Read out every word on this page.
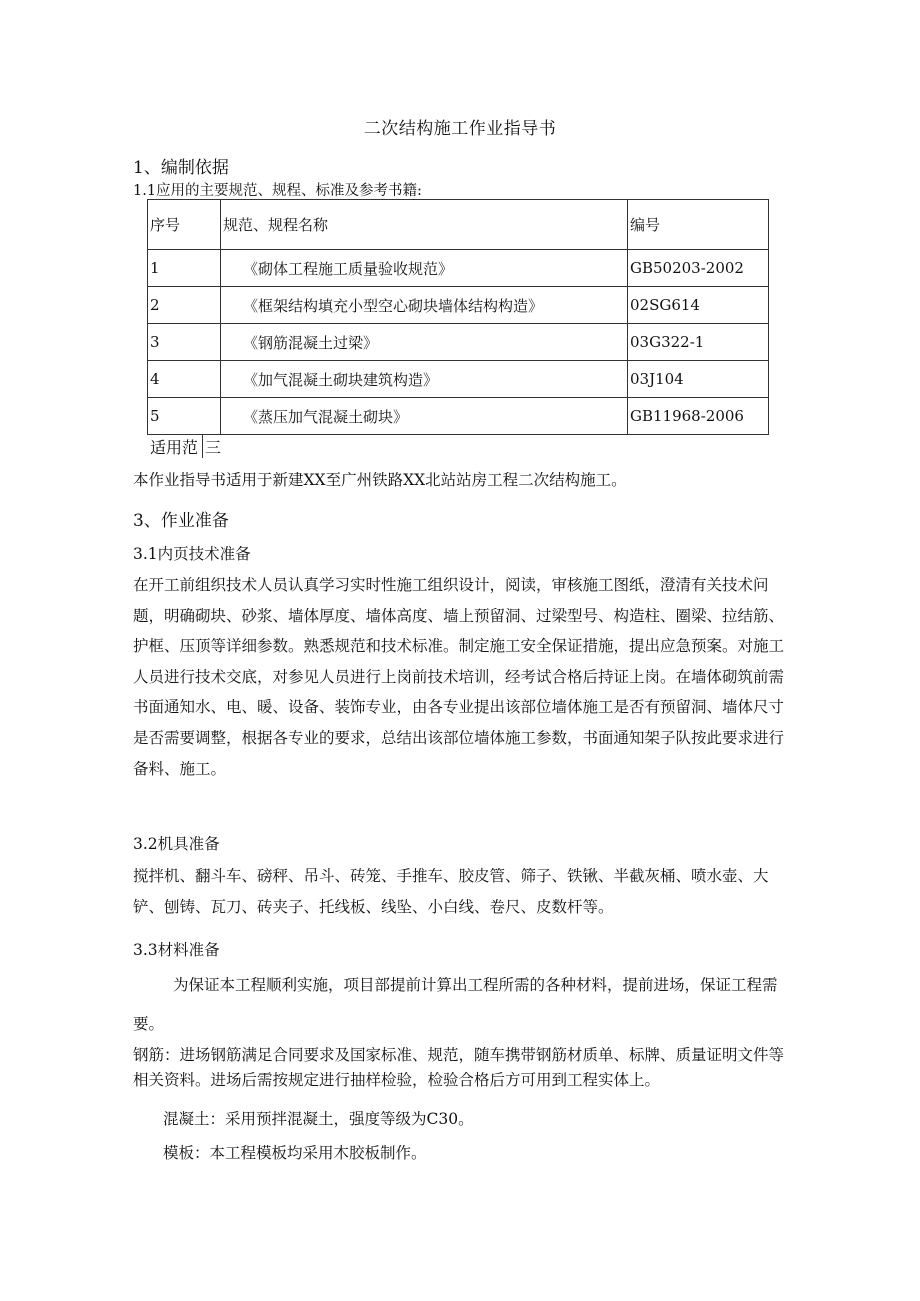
二次结构施工作业指导书
1、编制依据
1.1应用的主要规范、规程、标准及参考书籍:
序号	规范、规程名称	编号
1	《砌体工程施工质量验收规范》	GB50203-2002
2	《框架结构填充小型空心砌块墙体结构构造》	02SG614
3	《钢筋混凝土过梁》	03G322-1
4	《加气混凝土砌块建筑构造》	03J104
5	《蒸压加气混凝土砌块》	GB11968-2006
适用范 三
本作业指导书适用于新建XX至广州铁路XX北站站房工程二次结构施工。
3、作业准备
3.1内页技术准备
在开工前组织技术人员认真学习实时性施工组织设计，阅读，审核施工图纸，澄清有关技术问题，明确砌块、砂浆、墙体厚度、墙体高度、墙上预留洞、过梁型号、构造柱、圈梁、拉结筋、护框、压顶等详细参数。熟悉规范和技术标准。制定施工安全保证措施，提出应急预案。对施工人员进行技术交底，对参见人员进行上岗前技术培训，经考试合格后持证上岗。在墙体砌筑前需书面通知水、电、暖、设备、装饰专业，由各专业提出该部位墙体施工是否有预留洞、墙体尺寸是否需要调整，根据各专业的要求，总结出该部位墙体施工参数，书面通知架子队按此要求进行备料、施工。
3.2机具准备
搅拌机、翻斗车、磅秤、吊斗、砖笼、手推车、胶皮管、筛子、铁锹、半截灰桶、喷水壶、大铲、刨铸、瓦刀、砖夹子、托线板、线坠、小白线、卷尺、皮数杆等。
3.3材料准备
为保证本工程顺利实施，项目部提前计算出工程所需的各种材料，提前进场，保证工程需要。
钢筋：进场钢筋满足合同要求及国家标准、规范，随车携带钢筋材质单、标牌、质量证明文件等相关资料。进场后需按规定进行抽样检验，检验合格后方可用到工程实体上。
混凝土：采用预拌混凝土，强度等级为C30。
模板：本工程模板均采用木胶板制作。
